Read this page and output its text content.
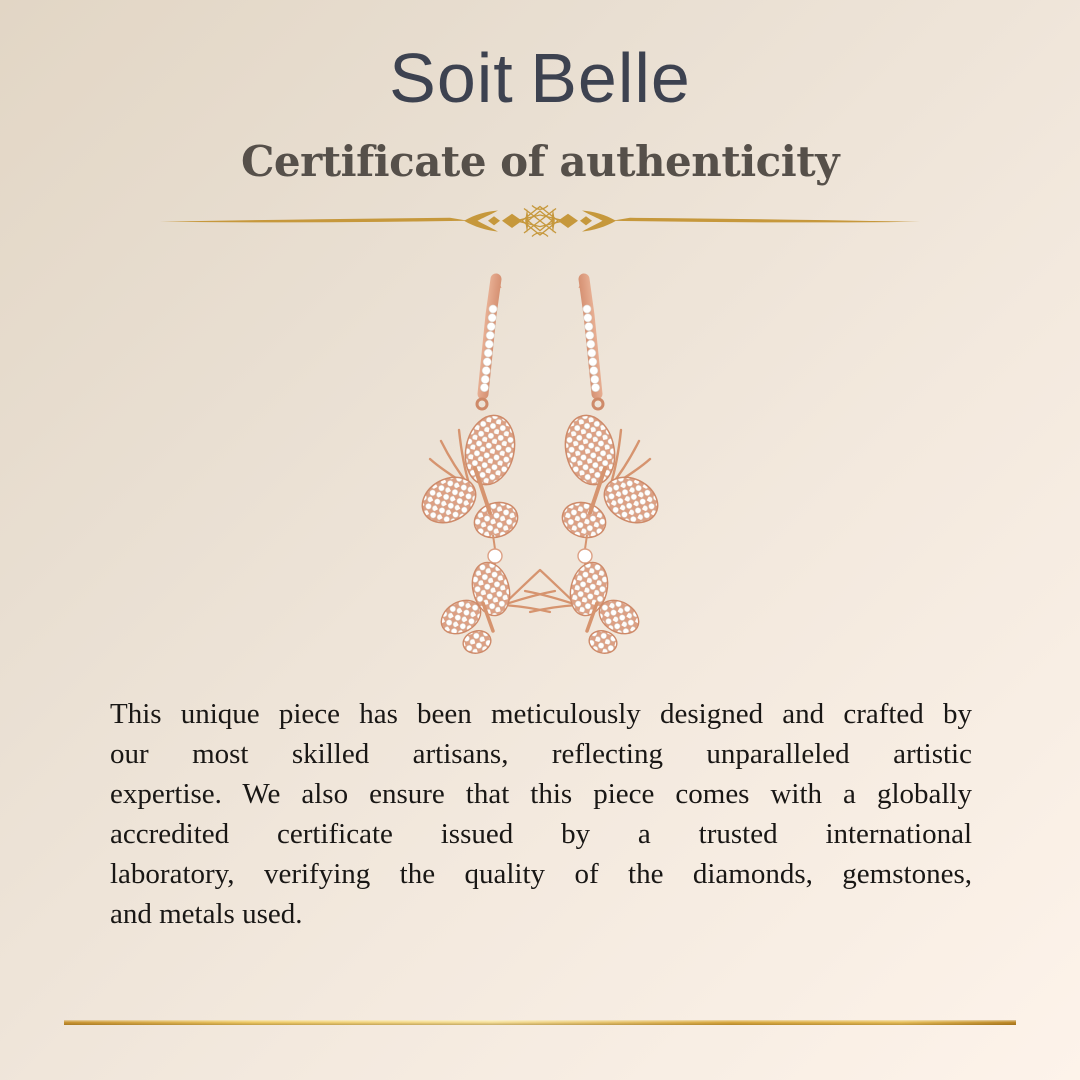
Soit Belle
Certificate of authenticity
This unique piece has been meticulously designed and crafted by
our most skilled artisans, reflecting unparalleled artistic
expertise. We also ensure that this piece comes with a globally
accredited certificate issued by a trusted international
laboratory, verifying the quality of the diamonds, gemstones,
and metals used.
